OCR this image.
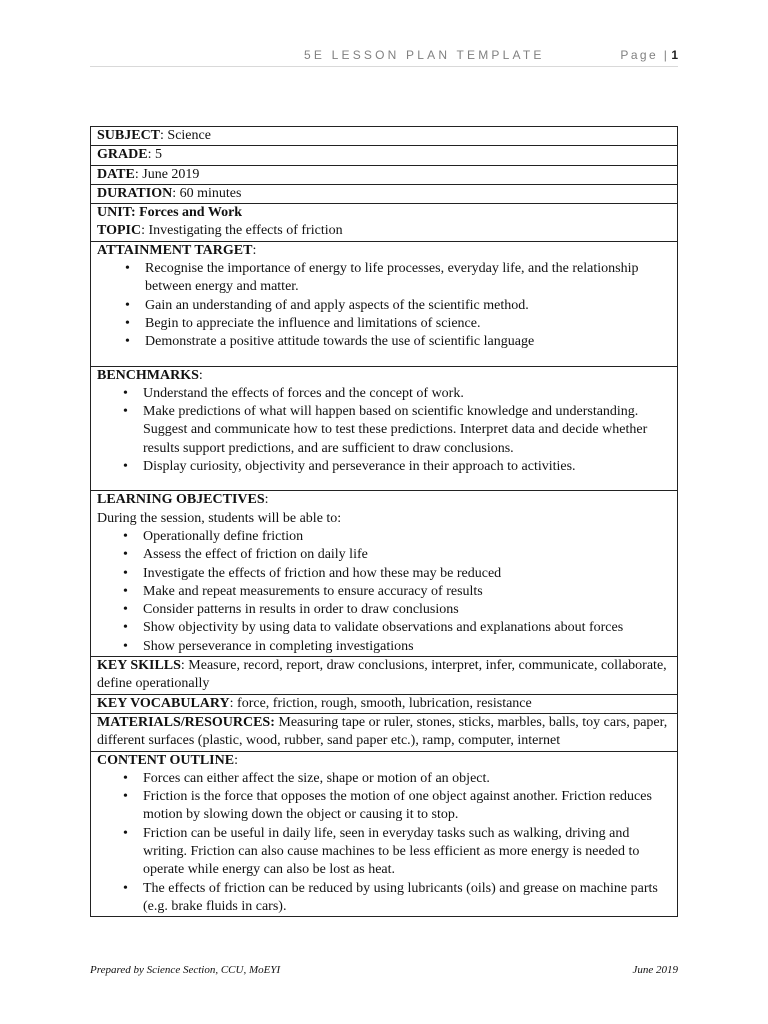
5E LESSON PLAN TEMPLATE	Page | 1
SUBJECT: Science
GRADE: 5
DATE: June 2019
DURATION: 60 minutes

UNIT: Forces and Work
TOPIC: Investigating the effects of friction

ATTAINMENT TARGET:
• Recognise the importance of energy to life processes, everyday life, and the relationship between energy and matter.
• Gain an understanding of and apply aspects of the scientific method.
• Begin to appreciate the influence and limitations of science.
• Demonstrate a positive attitude towards the use of scientific language

BENCHMARKS:
• Understand the effects of forces and the concept of work.
• Make predictions of what will happen based on scientific knowledge and understanding. Suggest and communicate how to test these predictions. Interpret data and decide whether results support predictions, and are sufficient to draw conclusions.
• Display curiosity, objectivity and perseverance in their approach to activities.

LEARNING OBJECTIVES:
During the session, students will be able to:
• Operationally define friction
• Assess the effect of friction on daily life
• Investigate the effects of friction and how these may be reduced
• Make and repeat measurements to ensure accuracy of results
• Consider patterns in results in order to draw conclusions
• Show objectivity by using data to validate observations and explanations about forces
• Show perseverance in completing investigations

KEY SKILLS: Measure, record, report, draw conclusions, interpret, infer, communicate, collaborate, define operationally
KEY VOCABULARY: force, friction, rough, smooth, lubrication, resistance
MATERIALS/RESOURCES: Measuring tape or ruler, stones, sticks, marbles, balls, toy cars, paper, different surfaces (plastic, wood, rubber, sand paper etc.), ramp, computer, internet
CONTENT OUTLINE:
• Forces can either affect the size, shape or motion of an object.
• Friction is the force that opposes the motion of one object against another. Friction reduces motion by slowing down the object or causing it to stop.
• Friction can be useful in daily life, seen in everyday tasks such as walking, driving and writing. Friction can also cause machines to be less efficient as more energy is needed to operate while energy can also be lost as heat.
• The effects of friction can be reduced by using lubricants (oils) and grease on machine parts (e.g. brake fluids in cars).
Prepared by Science Section, CCU, MoEYI	June 2019
